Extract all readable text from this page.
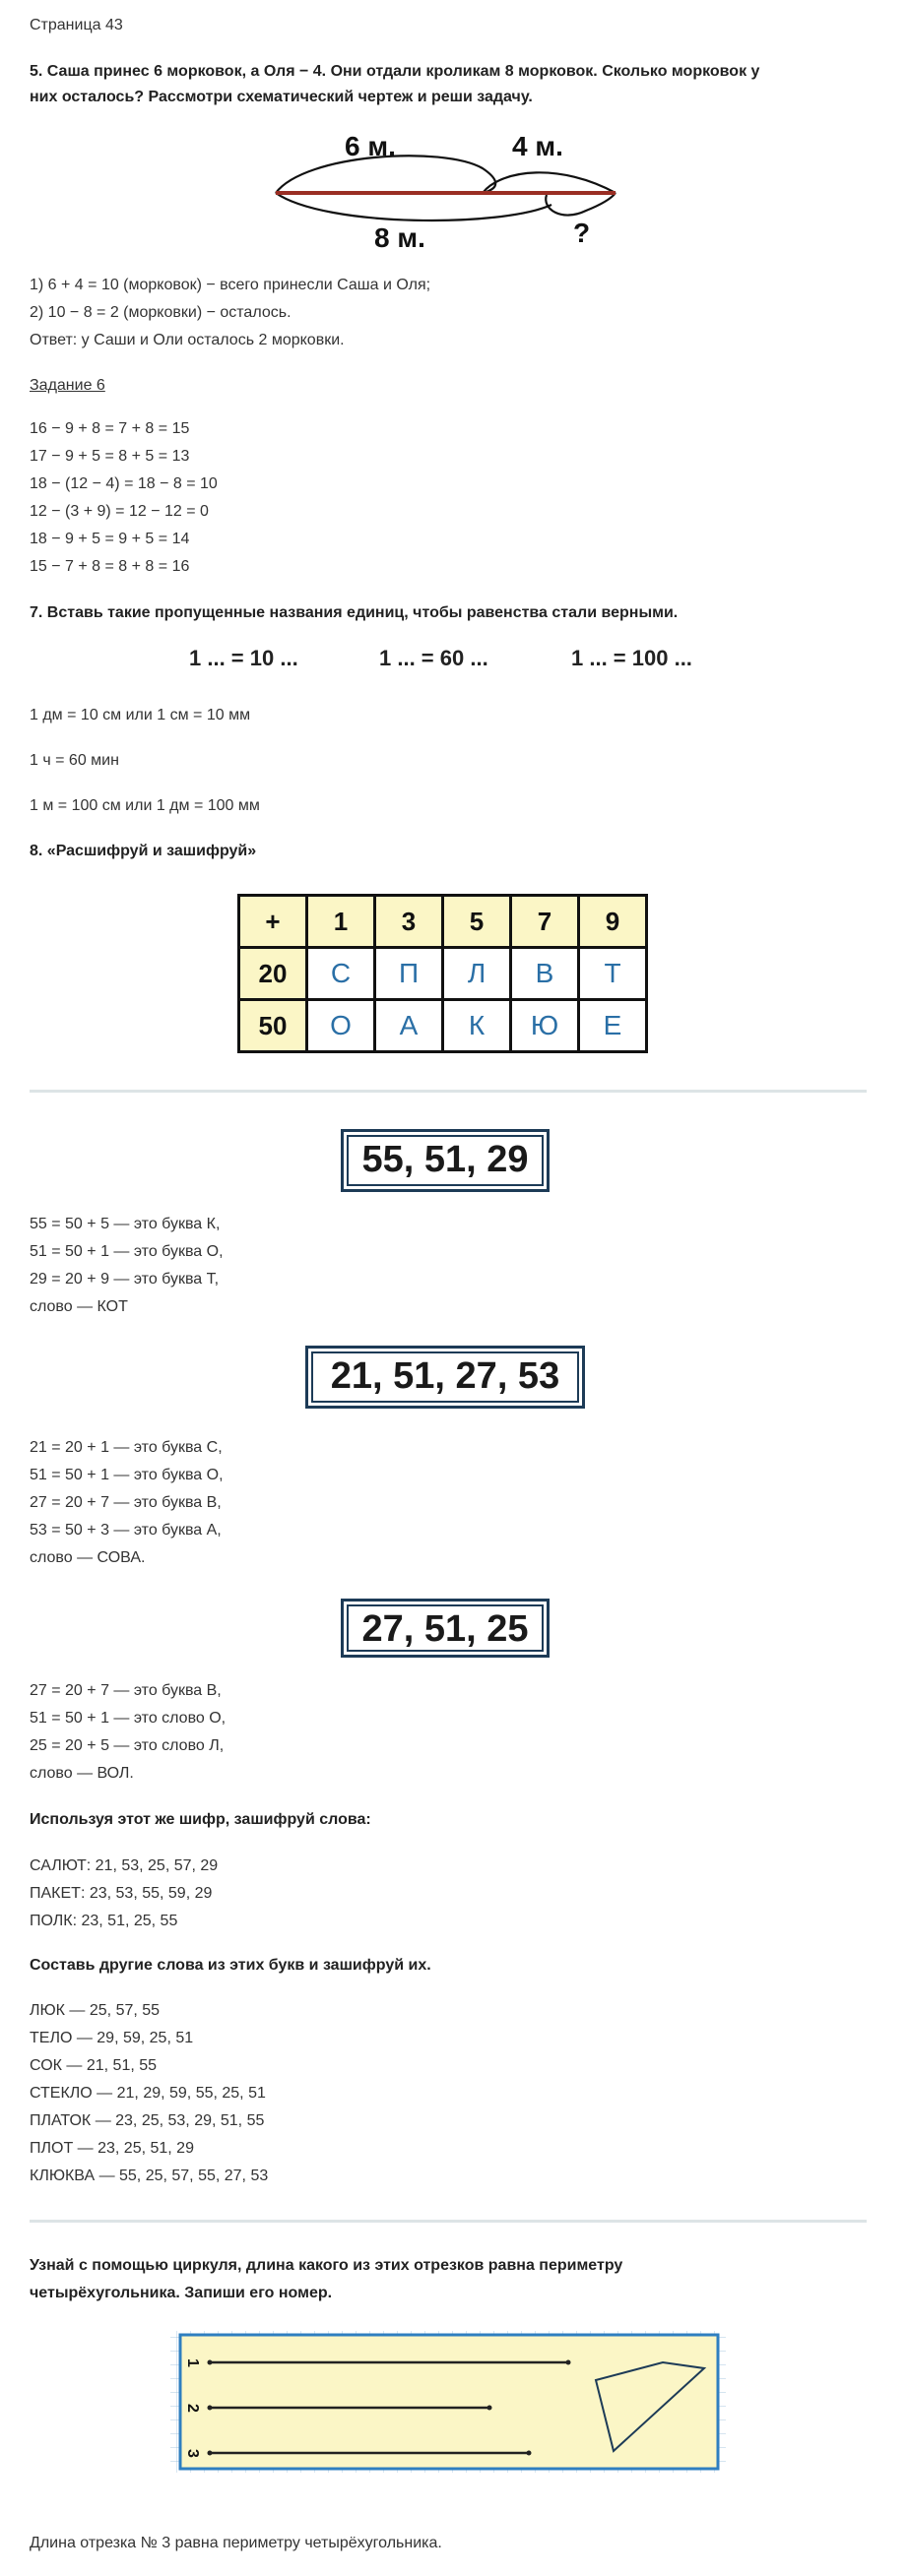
Страница 43
5. Саша принес 6 морковок, а Оля − 4. Они отдали кроликам 8 морковок. Сколько морковок у
них осталось? Рассмотри схематический чертеж и реши задачу.
6 м.	4 м.
8 м.	?
1) 6 + 4 = 10 (морковок) − всего принесли Саша и Оля;
2) 10 − 8 = 2 (морковки) − осталось.
Ответ: у Саши и Оли осталось 2 морковки.
Задание 6
16 − 9 + 8 = 7 + 8 = 15
17 − 9 + 5 = 8 + 5 = 13
18 − (12 − 4) = 18 − 8 = 10
12 − (3 + 9) = 12 − 12 = 0
18 − 9 + 5 = 9 + 5 = 14
15 − 7 + 8 = 8 + 8 = 16
7. Вставь такие пропущенные названия единиц, чтобы равенства стали верными.
1 ... = 10 ...	1 ... = 60 ...	1 ... = 100 ...
1 дм = 10 см или 1 см = 10 мм
1 ч = 60 мин
1 м = 100 см или 1 дм = 100 мм
8. «Расшифруй и зашифруй»
+	1	3	5	7	9
20	С	П	Л	В	Т
50	О	А	К	Ю	Е
55, 51, 29
55 = 50 + 5 — это буква К,
51 = 50 + 1 — это буква О,
29 = 20 + 9 — это буква Т,
слово — КОТ
21, 51, 27, 53
21 = 20 + 1 — это буква С,
51 = 50 + 1 — это буква О,
27 = 20 + 7 — это буква В,
53 = 50 + 3 — это буква А,
слово — СОВА.
27, 51, 25
27 = 20 + 7 — это буква В,
51 = 50 + 1 — это слово О,
25 = 20 + 5 — это слово Л,
слово — ВОЛ.
Используя этот же шифр, зашифруй слова:
САЛЮТ: 21, 53, 25, 57, 29
ПАКЕТ: 23, 53, 55, 59, 29
ПОЛК: 23, 51, 25, 55
Составь другие слова из этих букв и зашифруй их.
ЛЮК — 25, 57, 55
ТЕЛО — 29, 59, 25, 51
СОК — 21, 51, 55
СТЕКЛО — 21, 29, 59, 55, 25, 51
ПЛАТОК — 23, 25, 53, 29, 51, 55
ПЛОТ — 23, 25, 51, 29
КЛЮКВА — 55, 25, 57, 55, 27, 53
Узнай с помощью циркуля, длина какого из этих отрезков равна периметру
четырёхугольника. Запиши его номер.
1
2
3
Длина отрезка № 3 равна периметру четырёхугольника.
